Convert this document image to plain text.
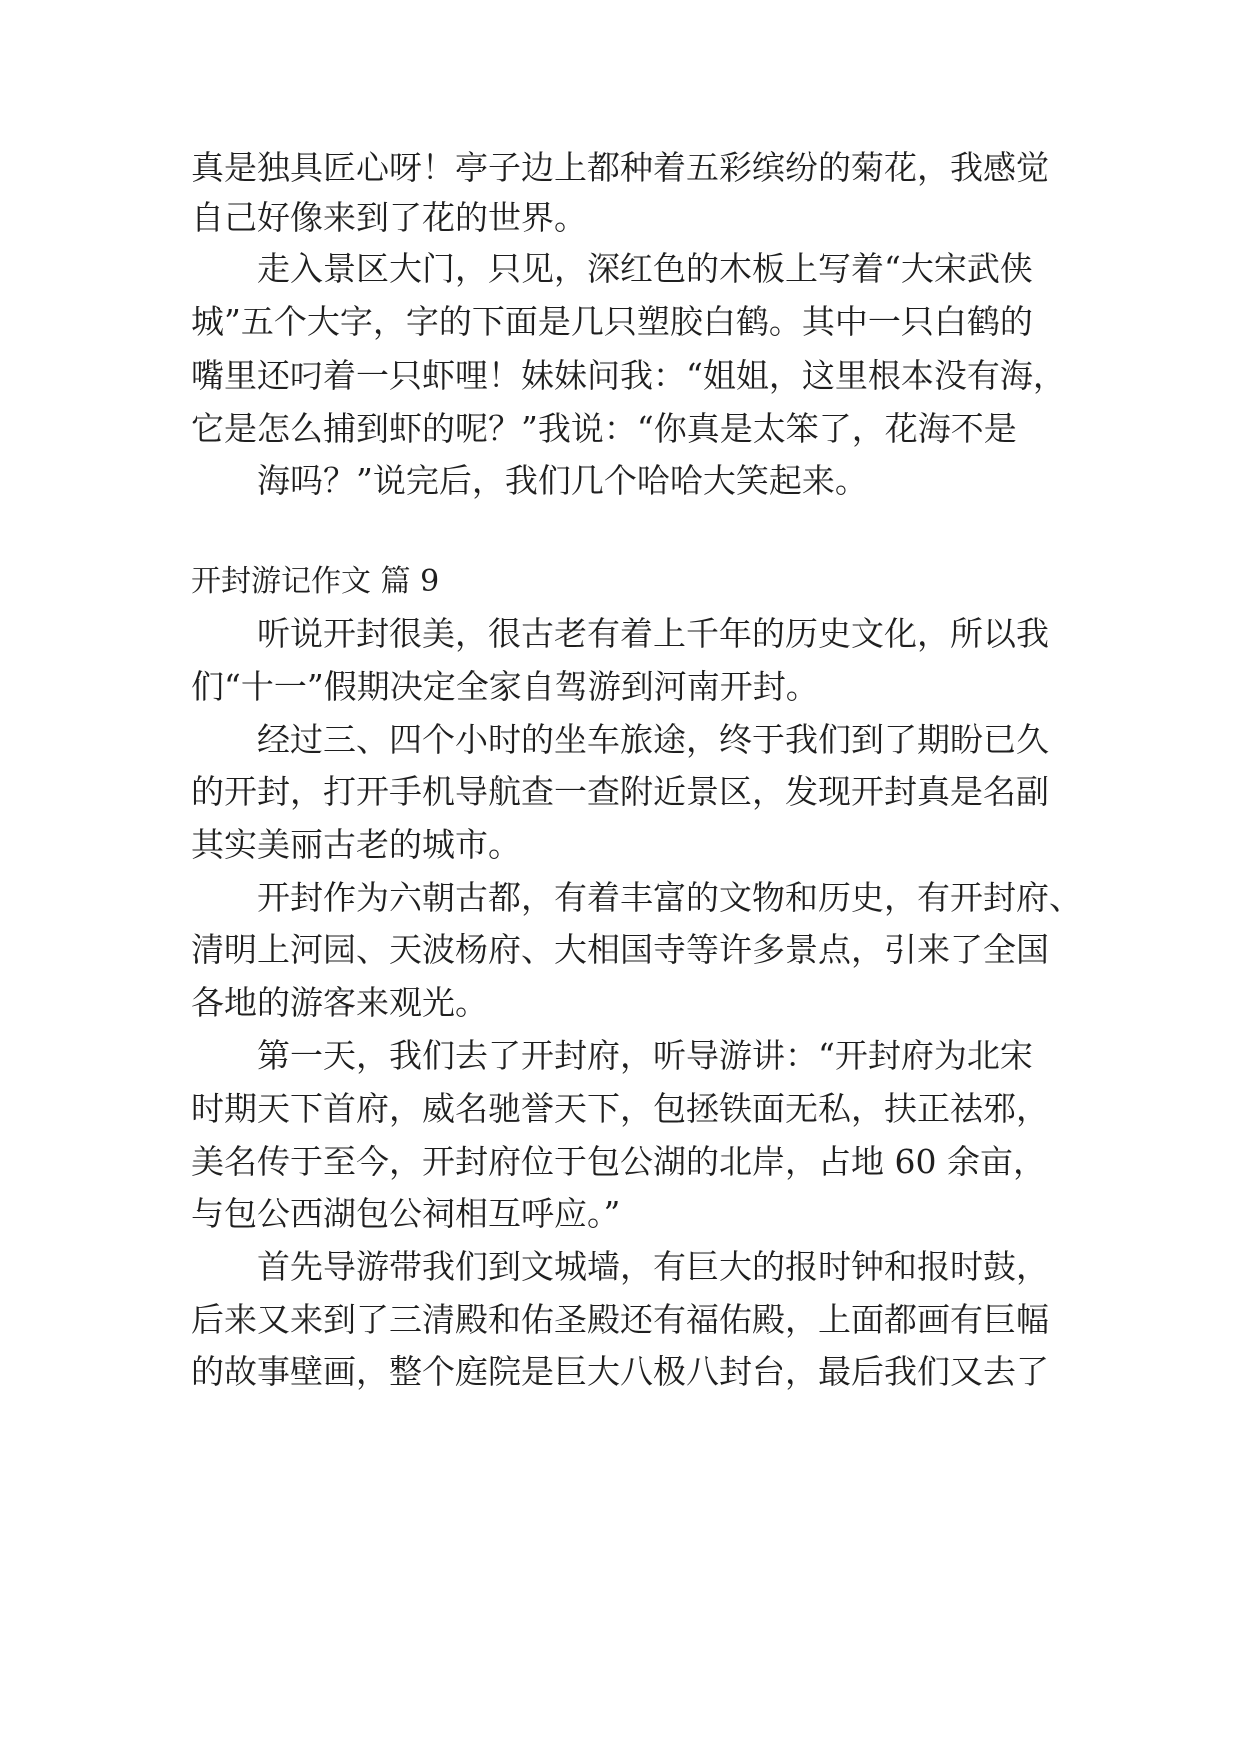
真是独具匠心呀！亭子边上都种着五彩缤纷的菊花，我感觉
自己好像来到了花的世界。
走入景区大门，只见，深红色的木板上写着“大宋武侠
城”五个大字，字的下面是几只塑胶白鹤。其中一只白鹤的
嘴里还叼着一只虾哩！妹妹问我：“姐姐，这里根本没有海，
它是怎么捕到虾的呢？”我说：“你真是太笨了，花海不是
海吗？”说完后，我们几个哈哈大笑起来。
开封游记作文 篇 9
听说开封很美，很古老有着上千年的历史文化，所以我
们“十一”假期决定全家自驾游到河南开封。
经过三、四个小时的坐车旅途，终于我们到了期盼已久
的开封，打开手机导航查一查附近景区，发现开封真是名副
其实美丽古老的城市。
开封作为六朝古都，有着丰富的文物和历史，有开封府、
清明上河园、天波杨府、大相国寺等许多景点，引来了全国
各地的游客来观光。
第一天，我们去了开封府，听导游讲：“开封府为北宋
时期天下首府，威名驰誉天下，包拯铁面无私，扶正祛邪，
美名传于至今，开封府位于包公湖的北岸，占地 60 余亩，
与包公西湖包公祠相互呼应。”
首先导游带我们到文城墙，有巨大的报时钟和报时鼓，
后来又来到了三清殿和佑圣殿还有福佑殿，上面都画有巨幅
的故事壁画，整个庭院是巨大八极八封台，最后我们又去了
